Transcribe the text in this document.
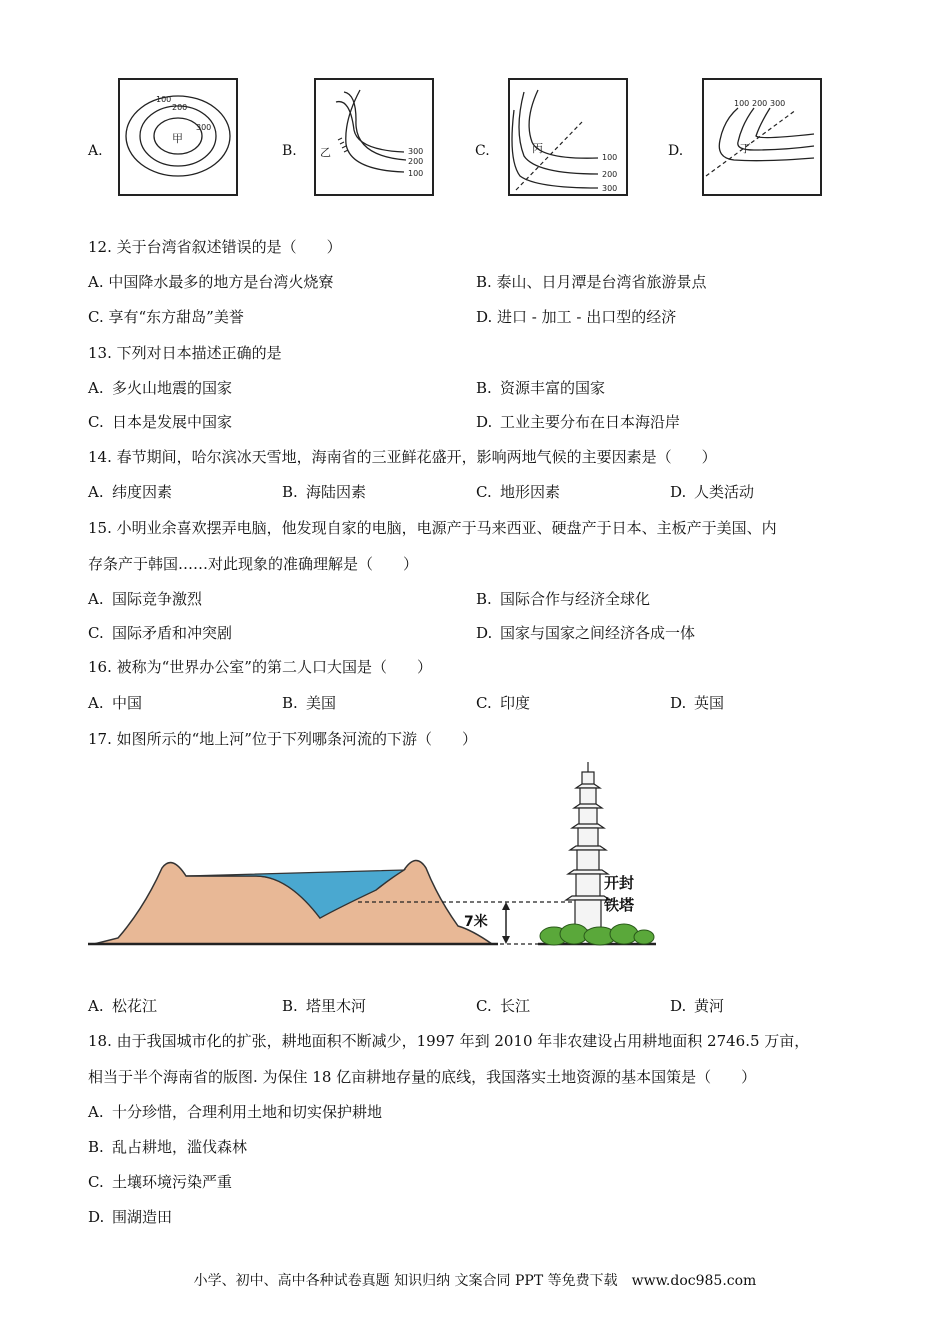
A.
100
200
300
甲
B.	300
200
100
乙	C.	100
200
300
丙	D.
100 200 300
丁
12. 关于台湾省叙述错误的是（　　）
A. 中国降水最多的地方是台湾火烧寮	B. 泰山、日月潭是台湾省旅游景点
C. 享有“东方甜岛”美誉	D. 进口 - 加工 - 出口型的经济
13. 下列对日本描述正确的是
A. 多火山地震的国家	B. 资源丰富的国家
C. 日本是发展中国家	D. 工业主要分布在日本海沿岸
14. 春节期间，哈尔滨冰天雪地，海南省的三亚鲜花盛开，影响两地气候的主要因素是（　　）
A. 纬度因素	B. 海陆因素	C. 地形因素	D. 人类活动
15. 小明业余喜欢摆弄电脑，他发现自家的电脑，电源产于马来西亚、硬盘产于日本、主板产于美国、内
存条产于韩国……对此现象的准确理解是（　　）
A. 国际竞争激烈	B. 国际合作与经济全球化
C. 国际矛盾和冲突剧	D. 国家与国家之间经济各成一体
16. 被称为“世界办公室”的第二人口大国是（　　）
A. 中国	B. 美国	C. 印度	D. 英国
17. 如图所示的“地上河”位于下列哪条河流的下游（　　）
7米
开封
铁塔
A. 松花江	B. 塔里木河	C. 长江	D. 黄河
18. 由于我国城市化的扩张，耕地面积不断减少，1997 年到 2010 年非农建设占用耕地面积 2746.5 万亩，
相当于半个海南省的版图. 为保住 18 亿亩耕地存量的底线，我国落实土地资源的基本国策是（　　）
A. 十分珍惜，合理利用土地和切实保护耕地
B. 乱占耕地，滥伐森林
C. 土壤环境污染严重
D. 围湖造田
小学、初中、高中各种试卷真题 知识归纳 文案合同 PPT 等免费下载　www.doc985.com
